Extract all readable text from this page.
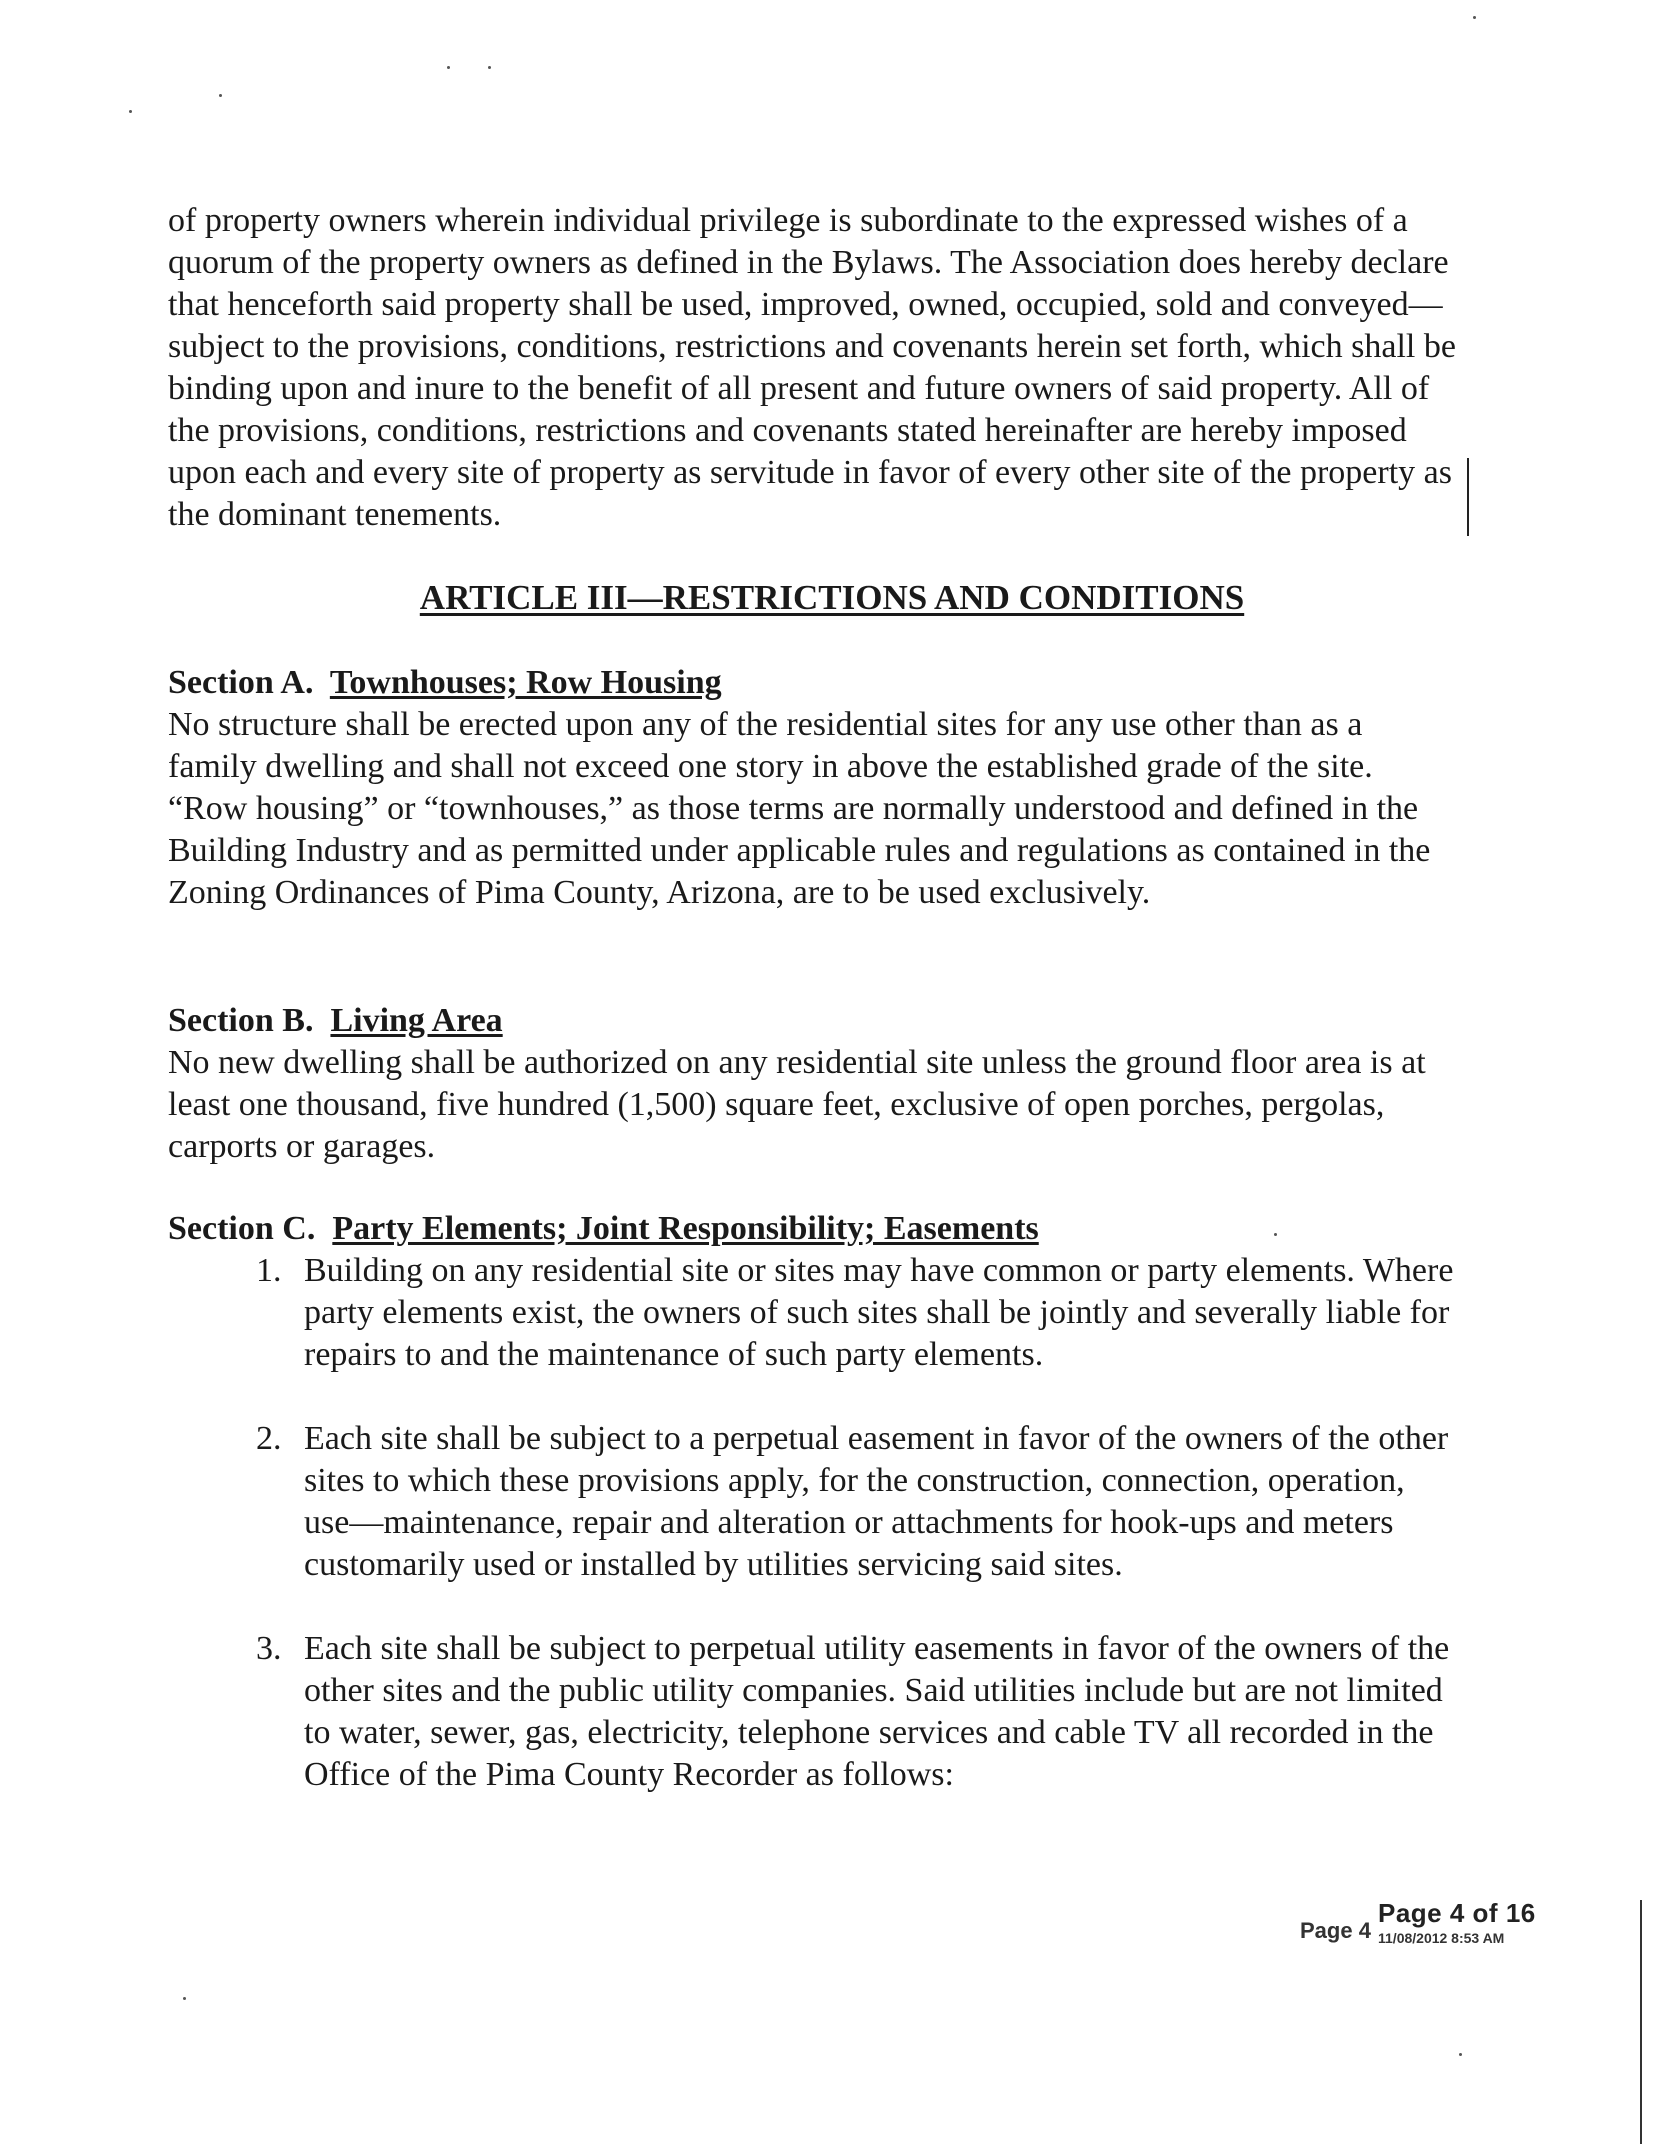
of property owners wherein individual privilege is subordinate to the expressed wishes of a quorum of the property owners as defined in the Bylaws. The Association does hereby declare that henceforth said property shall be used, improved, owned, occupied, sold and conveyed—subject to the provisions, conditions, restrictions and covenants herein set forth, which shall be binding upon and inure to the benefit of all present and future owners of said property. All of the provisions, conditions, restrictions and covenants stated hereinafter are hereby imposed upon each and every site of property as servitude in favor of every other site of the property as the dominant tenements.

ARTICLE III—RESTRICTIONS AND CONDITIONS
Section A. Townhouses; Row Housing

No structure shall be erected upon any of the residential sites for any use other than as a family dwelling and shall not exceed one story in above the established grade of the site. “Row housing” or “townhouses,” as those terms are normally understood and defined in the Building Industry and as permitted under applicable rules and regulations as contained in the Zoning Ordinances of Pima County, Arizona, are to be used exclusively.

Section B. Living Area

No new dwelling shall be authorized on any residential site unless the ground floor area is at least one thousand, five hundred (1,500) square feet, exclusive of open porches, pergolas, carports or garages.

Section C. Party Elements; Joint Responsibility; Easements
1. Building on any residential site or sites may have common or party elements. Where party elements exist, the owners of such sites shall be jointly and severally liable for repairs to and the maintenance of such party elements.
2. Each site shall be subject to a perpetual easement in favor of the owners of the other sites to which these provisions apply, for the construction, connection, operation, use—maintenance, repair and alteration or attachments for hook-ups and meters customarily used or installed by utilities servicing said sites.
3. Each site shall be subject to perpetual utility easements in favor of the owners of the other sites and the public utility companies. Said utilities include but are not limited to water, sewer, gas, electricity, telephone services and cable TV all recorded in the Office of the Pima County Recorder as follows:
Page 4
Page 4 of 16
11/08/2012 8:53 AM
